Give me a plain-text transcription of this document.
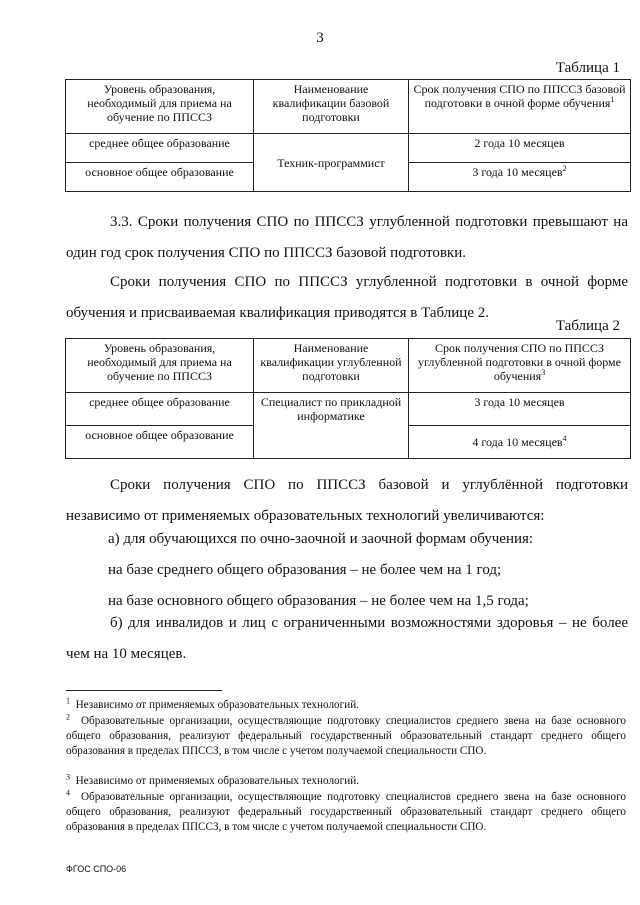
3
Таблица 1
Уровень образования, необходимый для приема на обучение по ППССЗ	Наименование квалификации базовой подготовки	Срок получения СПО по ППССЗ базовой подготовки в очной форме обучения$^1$
среднее общее образование	Техник-программист	2 года 10 месяцев
основное общее образование		3 года 10 месяцев$^2$

3.3. Сроки получения СПО по ППССЗ углубленной подготовки превышают на один год срок получения СПО по ППССЗ базовой подготовки.

Сроки получения СПО по ППССЗ углубленной подготовки в очной форме обучения и присваиваемая квалификация приводятся в Таблице 2.

Таблица 2
Уровень образования, необходимый для приема на обучение по ППССЗ	Наименование квалификации углубленной подготовки	Срок получения СПО по ППССЗ углубленной подготовки в очной форме обучения$^3$
среднее общее образование	Специалист по прикладной информатике	3 года 10 месяцев
основное общее образование		4 года 10 месяцев$^4$

Сроки получения СПО по ППССЗ базовой и углублённой подготовки независимо от применяемых образовательных технологий увеличиваются:

а) для обучающихся по очно-заочной и заочной формам обучения:
на базе среднего общего образования – не более чем на 1 год;
на базе основного общего образования – не более чем на 1,5 года;

б) для инвалидов и лиц с ограниченными возможностями здоровья – не более чем на 10 месяцев.

$^1$ Независимо от применяемых образовательных технологий.

$^2$ Образовательные организации, осуществляющие подготовку специалистов среднего звена на базе основного общего образования, реализуют федеральный государственный образовательный стандарт среднего общего образования в пределах ППССЗ, в том числе с учетом получаемой специальности СПО.

$^3$ Независимо от применяемых образовательных технологий.

$^4$ Образовательные организации, осуществляющие подготовку специалистов среднего звена на базе основного общего образования, реализуют федеральный государственный образовательный стандарт среднего общего образования в пределах ППССЗ, в том числе с учетом получаемой специальности СПО.

ФГОС СПО-06
